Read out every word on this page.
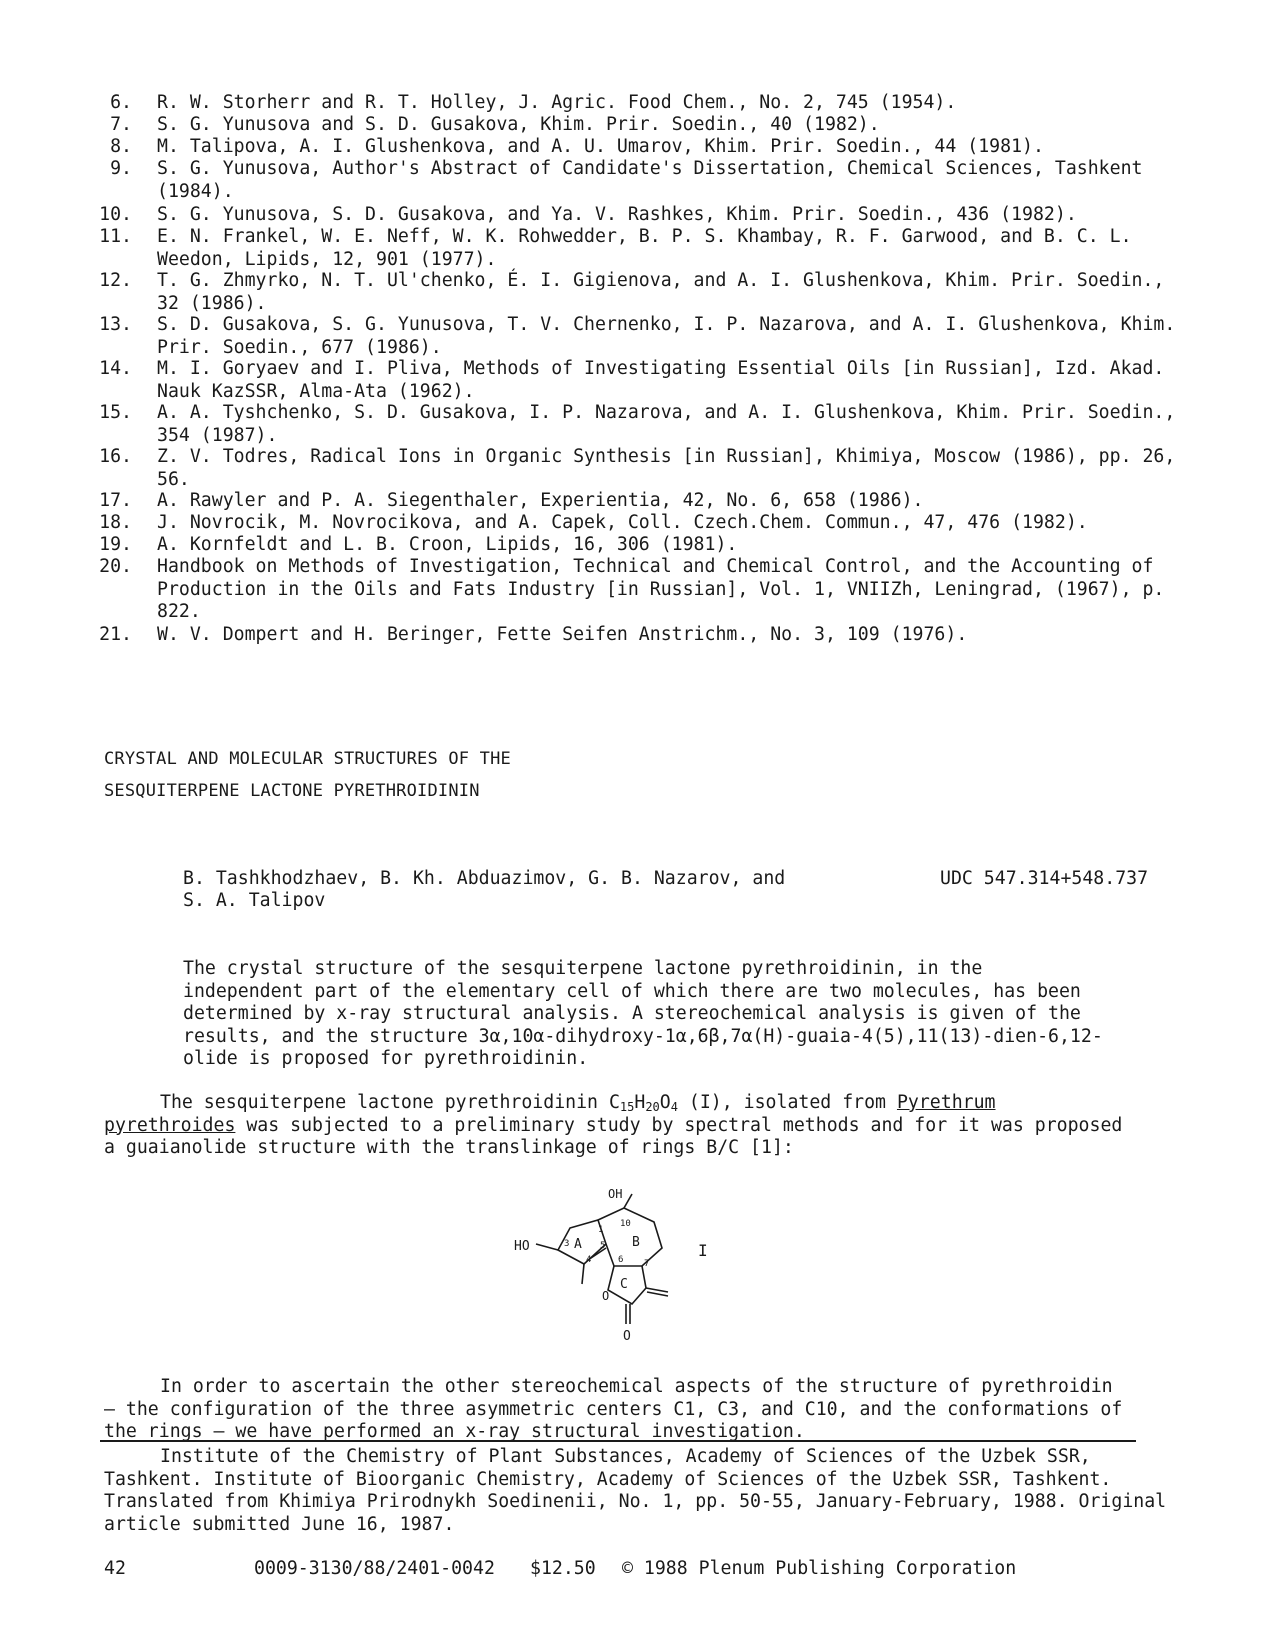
6. R. W. Storherr and R. T. Holley, J. Agric. Food Chem., No. 2, 745 (1954).
7. S. G. Yunusova and S. D. Gusakova, Khim. Prir. Soedin., 40 (1982).
8. M. Talipova, A. I. Glushenkova, and A. U. Umarov, Khim. Prir. Soedin., 44 (1981).
9. S. G. Yunusova, Author's Abstract of Candidate's Dissertation, Chemical Sciences, Tashkent (1984).
10. S. G. Yunusova, S. D. Gusakova, and Ya. V. Rashkes, Khim. Prir. Soedin., 436 (1982).
11. E. N. Frankel, W. E. Neff, W. K. Rohwedder, B. P. S. Khambay, R. F. Garwood, and B. C. L. Weedon, Lipids, 12, 901 (1977).
12. T. G. Zhmyrko, N. T. Ul'chenko, É. I. Gigienova, and A. I. Glushenkova, Khim. Prir. Soedin., 32 (1986).
13. S. D. Gusakova, S. G. Yunusova, T. V. Chernenko, I. P. Nazarova, and A. I. Glushenkova, Khim. Prir. Soedin., 677 (1986).
14. M. I. Goryaev and I. Pliva, Methods of Investigating Essential Oils [in Russian], Izd. Akad. Nauk KazSSR, Alma-Ata (1962).
15. A. A. Tyshchenko, S. D. Gusakova, I. P. Nazarova, and A. I. Glushenkova, Khim. Prir. Soedin., 354 (1987).
16. Z. V. Todres, Radical Ions in Organic Synthesis [in Russian], Khimiya, Moscow (1986), pp. 26, 56.
17. A. Rawyler and P. A. Siegenthaler, Experientia, 42, No. 6, 658 (1986).
18. J. Novrocik, M. Novrocikova, and A. Capek, Coll. Czech.Chem. Commun., 47, 476 (1982).
19. A. Kornfeldt and L. B. Croon, Lipids, 16, 306 (1981).
20. Handbook on Methods of Investigation, Technical and Chemical Control, and the Accounting of Production in the Oils and Fats Industry [in Russian], Vol. 1, VNIIZh, Leningrad, (1967), p. 822.
21. W. V. Dompert and H. Beringer, Fette Seifen Anstrichm., No. 3, 109 (1976).
CRYSTAL AND MOLECULAR STRUCTURES OF THE
SESQUITERPENE LACTONE PYRETHROIDININ
B. Tashkhodzhaev, B. Kh. Abduazimov, G. B. Nazarov, and S. A. Talipov
UDC 547.314+548.737
The crystal structure of the sesquiterpene lactone pyrethroidinin, in the independent part of the elementary cell of which there are two molecules, has been determined by x-ray structural analysis. A stereochemical analysis is given of the results, and the structure 3α,10α-dihydroxy-1α,6β,7α(H)-guaia-4(5),11(13)-dien-6,12-olide is proposed for pyrethroidinin.
The sesquiterpene lactone pyrethroidinin $C_{15}H_{20}O_4$ (I), isolated from Pyrethrum pyrethroides was subjected to a preliminary study by spectral methods and for it was proposed a guaianolide structure with the translinkage of rings B/C [1]:
OH
HO	A	B
C
O
O
3
1
4
5
6 7
10
I
In order to ascertain the other stereochemical aspects of the structure of pyrethroidin – the configuration of the three asymmetric centers C1, C3, and C10, and the conformations of the rings – we have performed an x-ray structural investigation.
Institute of the Chemistry of Plant Substances, Academy of Sciences of the Uzbek SSR, Tashkent. Institute of Bioorganic Chemistry, Academy of Sciences of the Uzbek SSR, Tashkent. Translated from Khimiya Prirodnykh Soedinenii, No. 1, pp. 50-55, January-February, 1988. Original article submitted June 16, 1987.
42	0009-3130/88/2401-0042 $12.50 © 1988 Plenum Publishing Corporation
